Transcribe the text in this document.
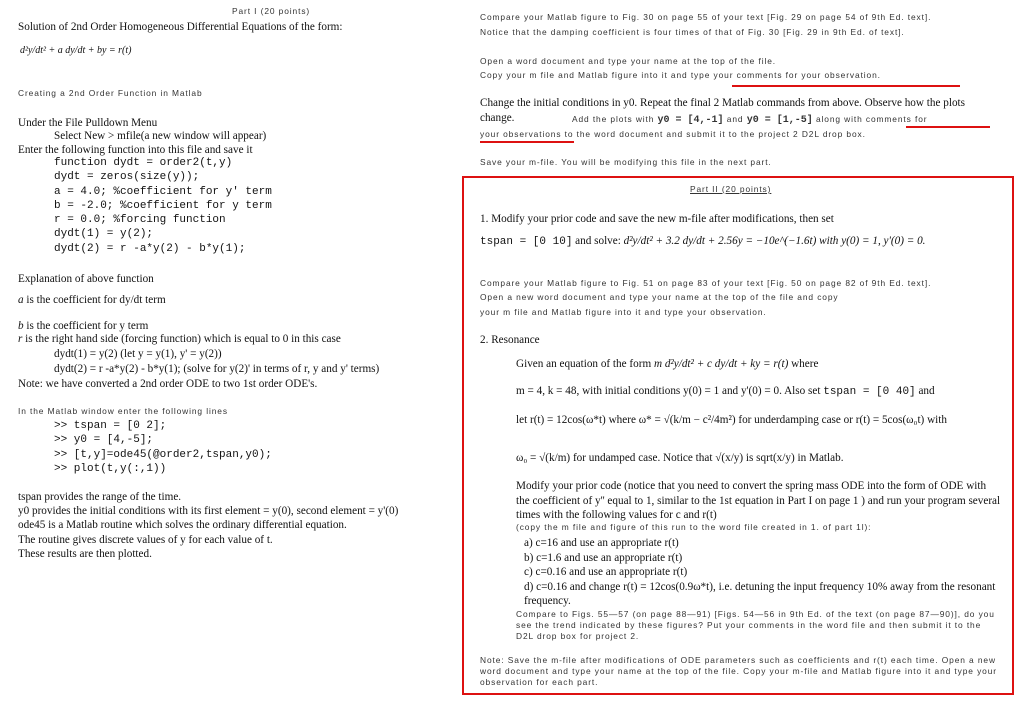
Part I (20 points)
Solution of 2nd Order Homogeneous Differential Equations of the form:
d²y/dt² + a dy/dt + by = r(t)
Creating a 2nd Order Function in Matlab
Under the File Pulldown Menu
Select New > mfile(a new window will appear)
Enter the following function into this file and save it
function dydt = order2(t,y)
dydt = zeros(size(y));
a = 4.0; %coefficient for y' term
b = -2.0; %coefficient for y term
r = 0.0; %forcing function
dydt(1) = y(2);
dydt(2) = r -a*y(2) - b*y(1);
Explanation of above function
a is the coefficient for dy/dt term
b is the coefficient for y term
r is the right hand side (forcing function) which is equal to 0 in this case
dydt(1) = y(2) (let y = y(1), y' = y(2))
dydt(2) = r -a*y(2) - b*y(1); (solve for y(2)' in terms of r, y and y' terms)
Note: we have converted a 2nd order ODE to two 1st order ODE's.
In the Matlab window enter the following lines
>> tspan = [0 2];
>> y0 = [4,-5];
>> [t,y]=ode45(@order2,tspan,y0);
>> plot(t,y(:,1))
tspan provides the range of the time.
y0 provides the initial conditions with its first element = y(0), second element = y'(0)
ode45 is a Matlab routine which solves the ordinary differential equation.
The routine gives discrete values of y for each value of t.
These results are then plotted.
Compare your Matlab figure to Fig. 30 on page 55 of your text [Fig. 29 on page 54 of 9th Ed. text].
Notice that the damping coefficient is four times of that of Fig. 30 [Fig. 29 in 9th Ed. of text].
Open a word document and type your name at the top of the file.
Copy your m file and Matlab figure into it and type your comments for your observation.
Change the initial conditions in y0. Repeat the final 2 Matlab commands from above. Observe how the plots change.	Add the plots with y0 = [4,-1] and y0 = [1,-5] along with comments for
your observations to the word document and submit it to the project 2 D2L drop box.
Save your m-file. You will be modifying this file in the next part.
Part II (20 points)
1. Modify your prior code and save the new m-file after modifications, then set
tspan = [0 10] and solve: d²y/dt² + 3.2 dy/dt + 2.56y = −10e^(−1.6t) with y(0) = 1, y'(0) = 0.
Compare your Matlab figure to Fig. 51 on page 83 of your text [Fig. 50 on page 82 of 9th Ed. text].
Open a new word document and type your name at the top of the file and copy
your m file and Matlab figure into it and type your observation.
2. Resonance
Given an equation of the form m d²y/dt² + c dy/dt + ky = r(t) where
m = 4, k = 48, with initial conditions y(0) = 1 and y'(0) = 0. Also set tspan = [0 40] and
let r(t) = 12cos(ω*t) where ω* = √(k/m − c²/4m²) for underdamping case or r(t) = 5cos(ω₀t) with
ω₀ = √(k/m) for undamped case. Notice that √(x/y) is sqrt(x/y) in Matlab.
Modify your prior code (notice that you need to convert the spring mass ODE into the form of ODE with the coefficient of y'' equal to 1, similar to the 1st equation in Part I on page 1 ) and run your program several times with the following values for c and r(t)
(copy the m file and figure of this run to the word file created in 1. of part 1l):
a) c=16 and use an appropriate r(t)
b) c=1.6 and use an appropriate r(t)
c) c=0.16 and use an appropriate r(t)
d) c=0.16 and change r(t) = 12cos(0.9ω*t), i.e. detuning the input frequency 10% away from the resonant frequency.
Compare to Figs. 55—57 (on page 88—91) [Figs. 54—56 in 9th Ed. of the text (on page 87—90)], do you see the trend indicated by these figures? Put your comments in the word file and then submit it to the D2L drop box for project 2.
Note: Save the m-file after modifications of ODE parameters such as coefficients and r(t) each time. Open a new word document and type your name at the top of the file. Copy your m-file and Matlab figure into it and type your observation for each part.
